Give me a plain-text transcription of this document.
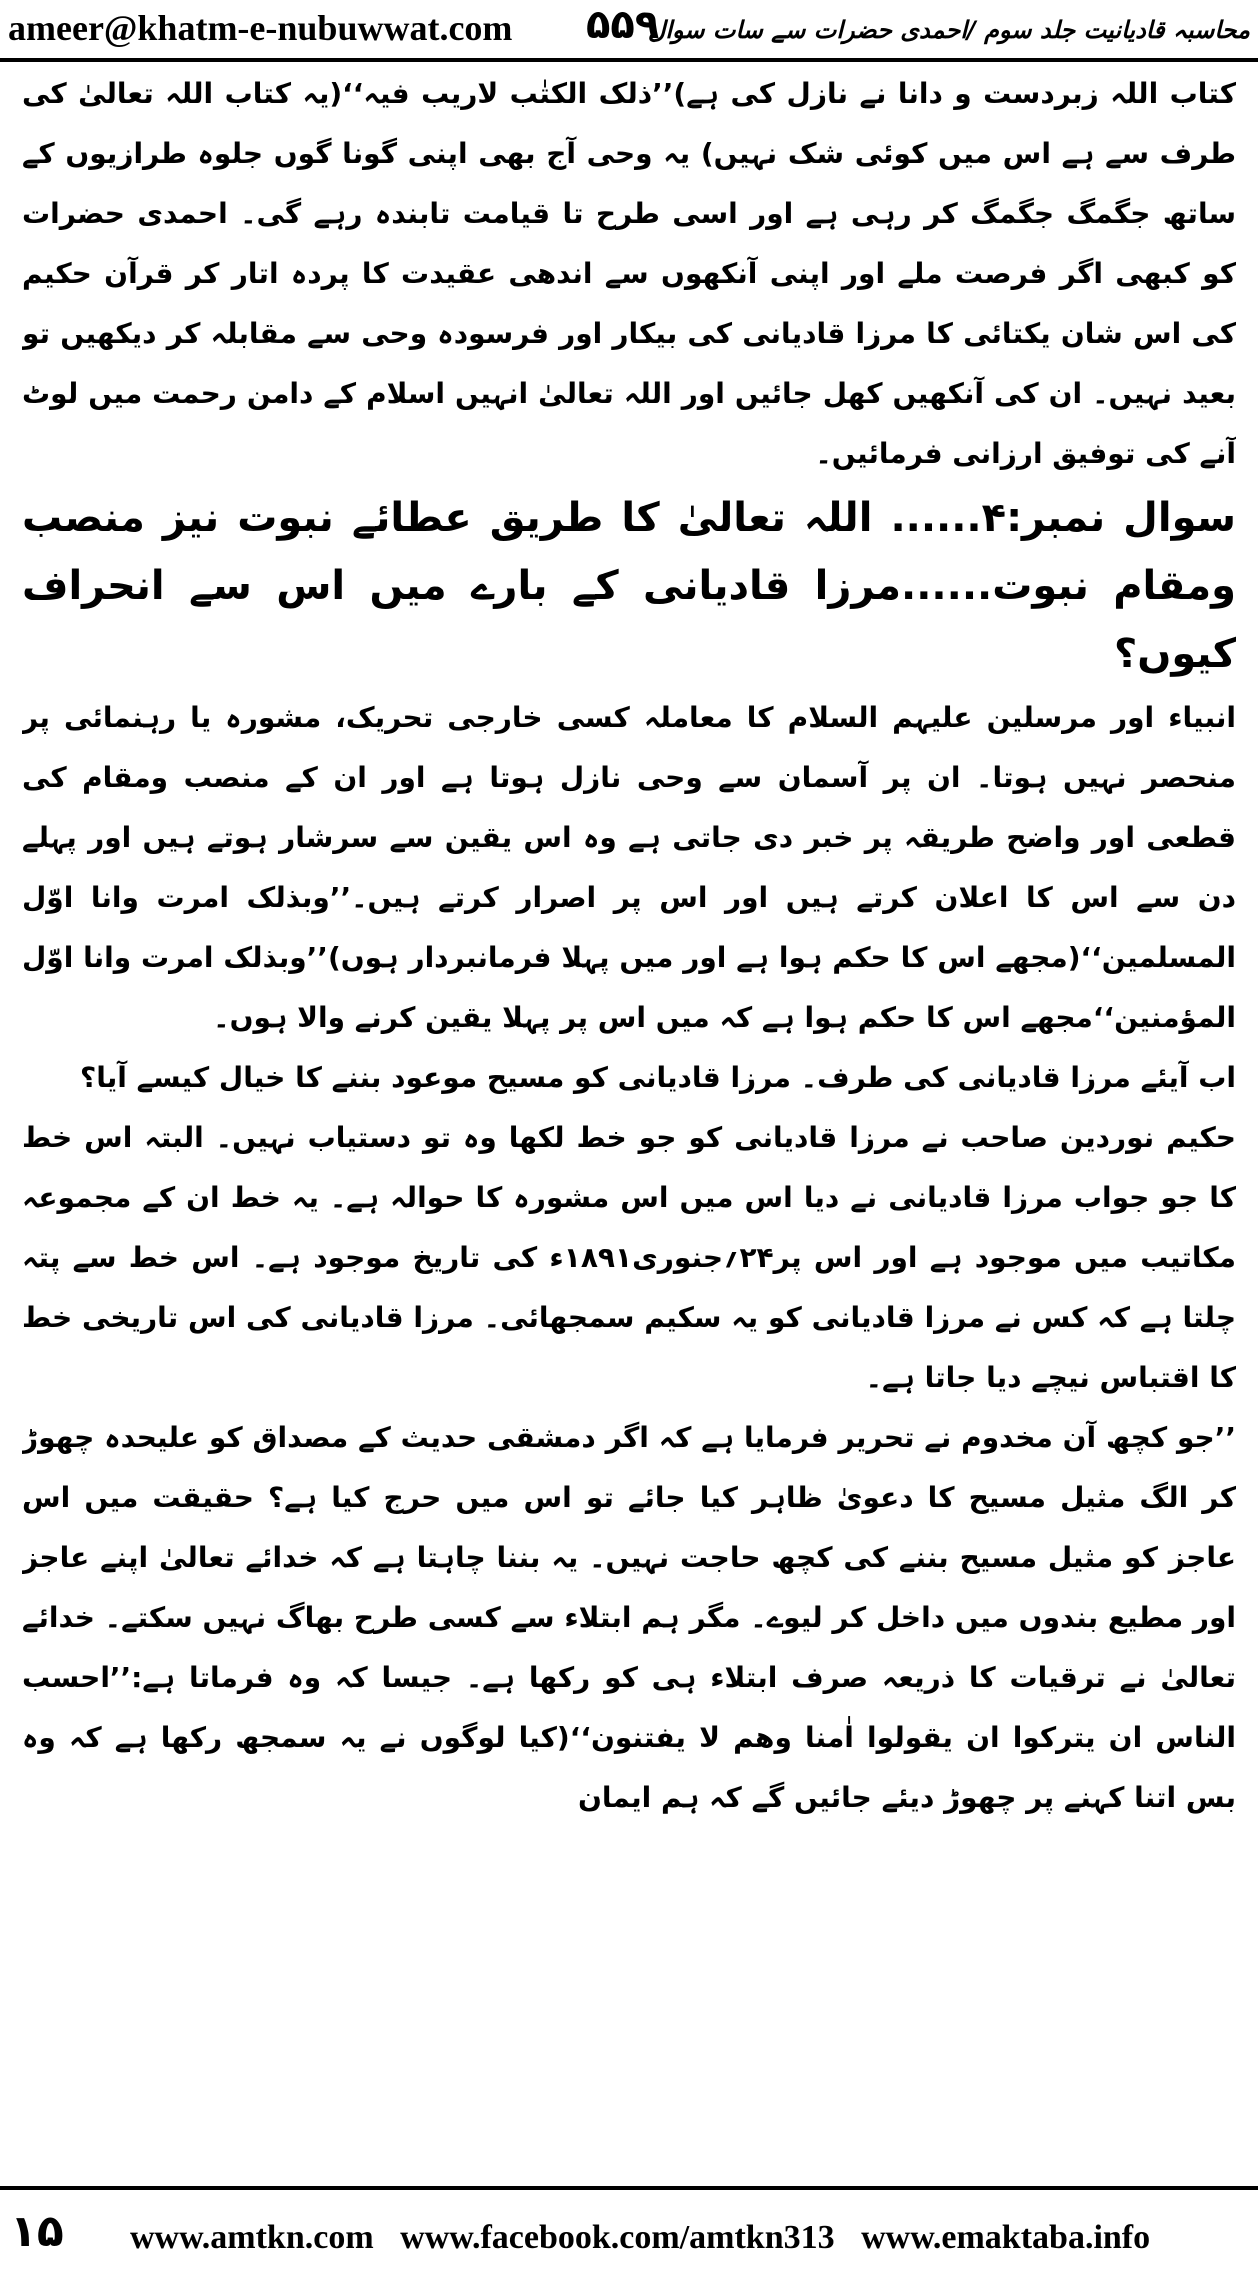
ameer@khatm-e-nubuwwat.com ۵۵۹
محاسبہ قادیانیت جلد سوم /احمدی حضرات سے سات سوال

کتاب اللہ زبردست و دانا نے نازل کی ہے)’’ذلک الکتٰب لاریب فیہ‘‘(یہ کتاب اللہ تعالیٰ کی طرف سے ہے اس میں کوئی شک نہیں) یہ وحی آج بھی اپنی گونا گوں جلوہ طرازیوں کے ساتھ جگمگ جگمگ کر رہی ہے اور اسی طرح تا قیامت تابندہ رہے گی۔ احمدی حضرات کو کبھی اگر فرصت ملے اور اپنی آنکھوں سے اندھی عقیدت کا پردہ اتار کر قرآن حکیم کی اس شان یکتائی کا مرزا قادیانی کی بیکار اور فرسودہ وحی سے مقابلہ کر دیکھیں تو بعید نہیں۔ ان کی آنکھیں کھل جائیں اور اللہ تعالیٰ انہیں اسلام کے دامن رحمت میں لوٹ آنے کی توفیق ارزانی فرمائیں۔

سوال نمبر:۴...... اللہ تعالیٰ کا طریق عطائے نبوت نیز منصب ومقام نبوت......مرزا قادیانی کے بارے میں اس سے انحراف کیوں؟

انبیاء اور مرسلین علیہم السلام کا معاملہ کسی خارجی تحریک، مشورہ یا رہنمائی پر منحصر نہیں ہوتا۔ ان پر آسمان سے وحی نازل ہوتا ہے اور ان کے منصب ومقام کی قطعی اور واضح طریقہ پر خبر دی جاتی ہے وہ اس یقین سے سرشار ہوتے ہیں اور پہلے دن سے اس کا اعلان کرتے ہیں اور اس پر اصرار کرتے ہیں۔’’وبذلک امرت وانا اوّل المسلمین‘‘(مجھے اس کا حکم ہوا ہے اور میں پہلا فرمانبردار ہوں)’’وبذلک امرت وانا اوّل المؤمنین‘‘مجھے اس کا حکم ہوا ہے کہ میں اس پر پہلا یقین کرنے والا ہوں۔

اب آیئے مرزا قادیانی کی طرف۔ مرزا قادیانی کو مسیح موعود بننے کا خیال کیسے آیا؟

حکیم نوردین صاحب نے مرزا قادیانی کو جو خط لکھا وہ تو دستیاب نہیں۔ البتہ اس خط کا جو جواب مرزا قادیانی نے دیا اس میں اس مشورہ کا حوالہ ہے۔ یہ خط ان کے مجموعہ مکاتیب میں موجود ہے اور اس پر۲۴؍جنوری۱۸۹۱ء کی تاریخ موجود ہے۔ اس خط سے پتہ چلتا ہے کہ کس نے مرزا قادیانی کو یہ سکیم سمجھائی۔ مرزا قادیانی کی اس تاریخی خط کا اقتباس نیچے دیا جاتا ہے۔

’’جو کچھ آن مخدوم نے تحریر فرمایا ہے کہ اگر دمشقی حدیث کے مصداق کو علیحدہ چھوڑ کر الگ مثیل مسیح کا دعویٰ ظاہر کیا جائے تو اس میں حرج کیا ہے؟ حقیقت میں اس عاجز کو مثیل مسیح بننے کی کچھ حاجت نہیں۔ یہ بننا چاہتا ہے کہ خدائے تعالیٰ اپنے عاجز اور مطیع بندوں میں داخل کر لیوے۔ مگر ہم ابتلاء سے کسی طرح بھاگ نہیں سکتے۔ خدائے تعالیٰ نے ترقیات کا ذریعہ صرف ابتلاء ہی کو رکھا ہے۔ جیسا کہ وہ فرماتا ہے:’’احسب الناس ان یترکوا ان یقولوا اٰمنا وھم لا یفتنون‘‘(کیا لوگوں نے یہ سمجھ رکھا ہے کہ وہ بس اتنا کہنے پر چھوڑ دیئے جائیں گے کہ ہم ایمان

۱۵ www.amtkn.com www.facebook.com/amtkn313 www.emaktaba.info
